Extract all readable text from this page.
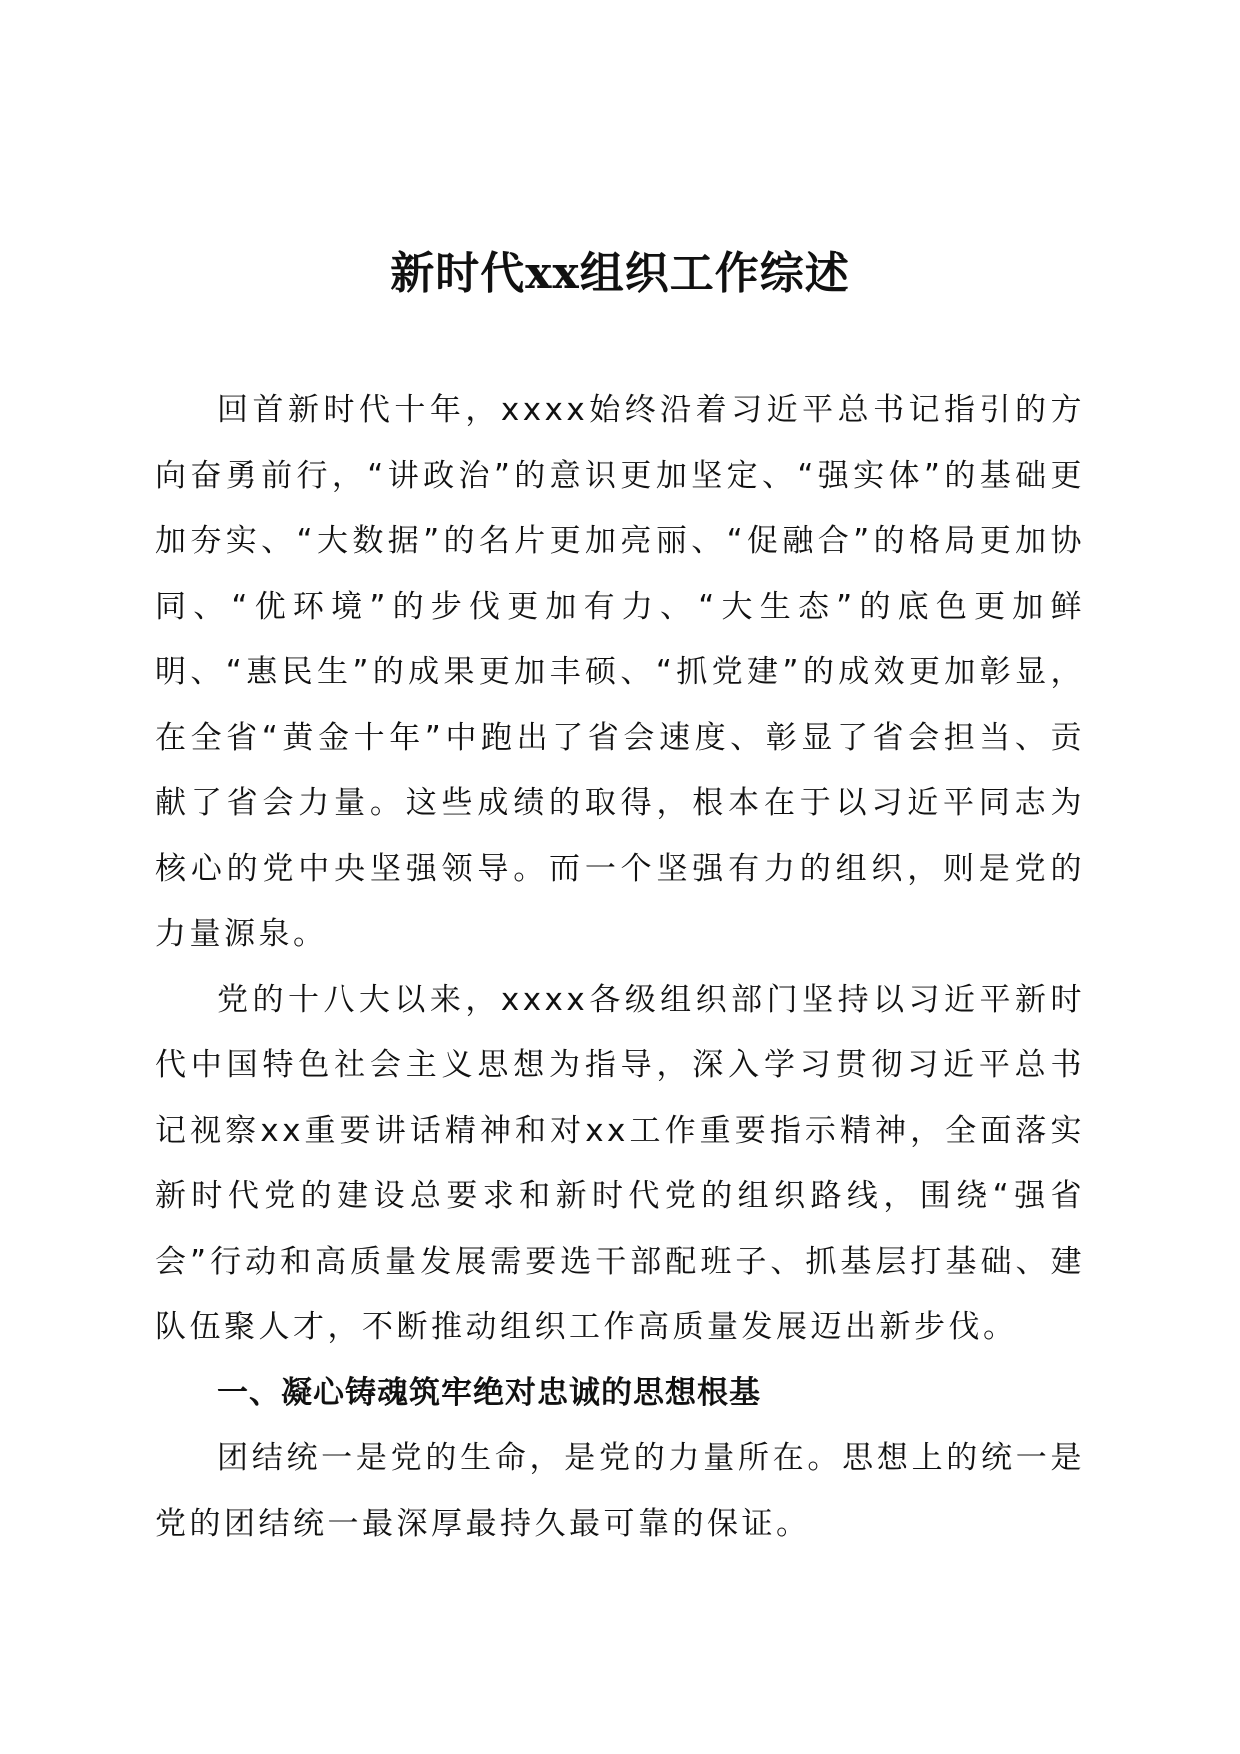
新时代xx组织工作综述

回首新时代十年，xxxx始终沿着习近平总书记指引的方向奋勇前行，“讲政治”的意识更加坚定、“强实体”的基础更加夯实、“大数据”的名片更加亮丽、“促融合”的格局更加协同、“优环境”的步伐更加有力、“大生态”的底色更加鲜明、“惠民生”的成果更加丰硕、“抓党建”的成效更加彰显，在全省“黄金十年”中跑出了省会速度、彰显了省会担当、贡献了省会力量。这些成绩的取得，根本在于以习近平同志为核心的党中央坚强领导。而一个坚强有力的组织，则是党的力量源泉。

党的十八大以来，xxxx各级组织部门坚持以习近平新时代中国特色社会主义思想为指导，深入学习贯彻习近平总书记视察xx重要讲话精神和对xx工作重要指示精神，全面落实新时代党的建设总要求和新时代党的组织路线，围绕“强省会”行动和高质量发展需要选干部配班子、抓基层打基础、建队伍聚人才，不断推动组织工作高质量发展迈出新步伐。

一、凝心铸魂筑牢绝对忠诚的思想根基

团结统一是党的生命，是党的力量所在。思想上的统一是党的团结统一最深厚最持久最可靠的保证。
